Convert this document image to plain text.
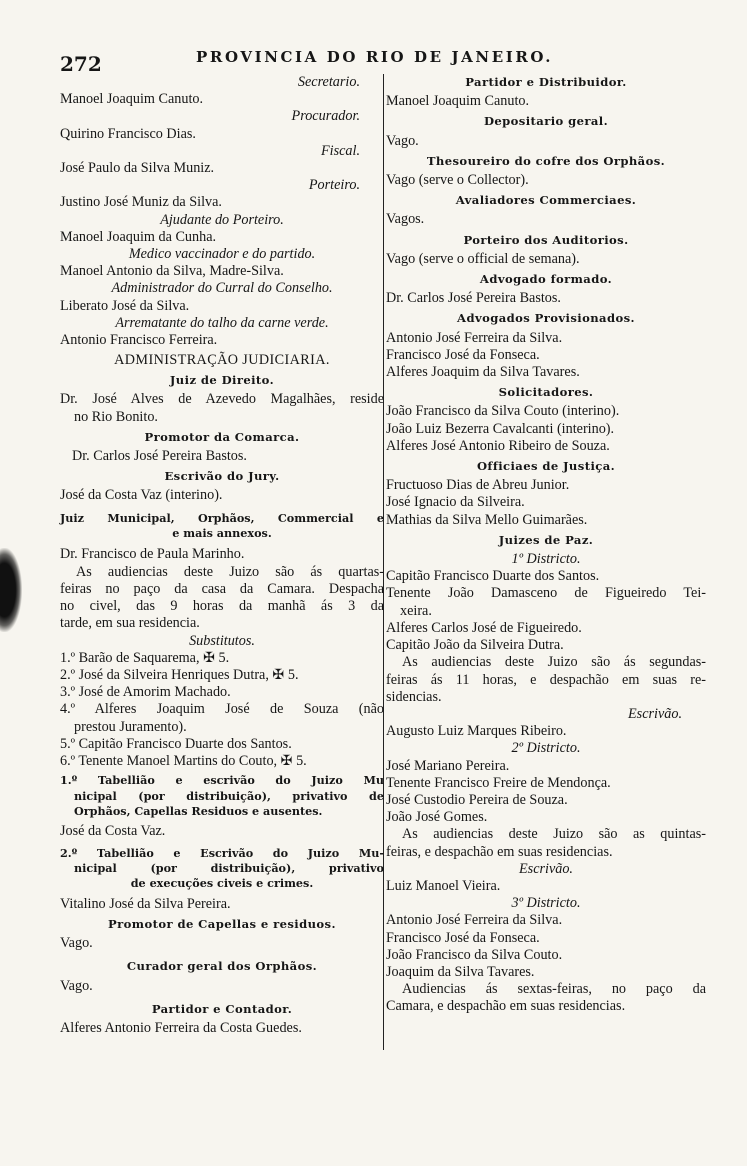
272	PROVINCIA DO RIO DE JANEIRO.
Secretario.
Manoel Joaquim Canuto.
Procurador.
Quirino Francisco Dias.
Fiscal.
José Paulo da Silva Muniz.
Porteiro.
Justino José Muniz da Silva.
Ajudante do Porteiro.
Manoel Joaquim da Cunha.
Medico vaccinador e do partido.
Manoel Antonio da Silva, Madre-Silva.
Administrador do Curral do Conselho.
Liberato José da Silva.
Arrematante do talho da carne verde.
Antonio Francisco Ferreira.
ADMINISTRAÇÃO JUDICIARIA.
Juiz de Direito.
Dr. José Alves de Azevedo Magalhães, reside
no Rio Bonito.
Promotor da Comarca.
Dr. Carlos José Pereira Bastos.
Escrivão do Jury.
José da Costa Vaz (interino).
Juiz Municipal, Orphãos, Commercial e
e mais annexos.
Dr. Francisco de Paula Marinho.
As audiencias deste Juizo são ás quartas-
feiras no paço da casa da Camara. Despacha
no civel, das 9 horas da manhã ás 3 da
tarde, em sua residencia.
Substitutos.
1.º Barão de Saquarema, ✠ 5.
2.º José da Silveira Henriques Dutra, ✠ 5.
3.º José de Amorim Machado.
4.º Alferes Joaquim José de Souza (não
prestou Juramento).
5.º Capitão Francisco Duarte dos Santos.
6.º Tenente Manoel Martins do Couto, ✠ 5.
1.º Tabellião e escrivão do Juizo Mu
nicipal (por distribuição), privativo de
Orphãos, Capellas Residuos e ausentes.
José da Costa Vaz.
2.º Tabellião e Escrivão do Juizo Mu-
nicipal (por distribuição), privativo
de execuções civeis e crimes.
Vitalino José da Silva Pereira.
Promotor de Capellas e residuos.
Vago.
Curador geral dos Orphãos.
Vago.
Partidor e Contador.
Alferes Antonio Ferreira da Costa Guedes.
Partidor e Distribuidor.
Manoel Joaquim Canuto.
Depositario geral.
Vago.
Thesoureiro do cofre dos Orphãos.
Vago (serve o Collector).
Avaliadores Commerciaes.
Vagos.
Porteiro dos Auditorios.
Vago (serve o official de semana).
Advogado formado.
Dr. Carlos José Pereira Bastos.
Advogados Provisionados.
Antonio José Ferreira da Silva.
Francisco José da Fonseca.
Alferes Joaquim da Silva Tavares.
Solicitadores.
João Francisco da Silva Couto (interino).
João Luiz Bezerra Cavalcanti (interino).
Alferes José Antonio Ribeiro de Souza.
Officiaes de Justiça.
Fructuoso Dias de Abreu Junior.
José Ignacio da Silveira.
Mathias da Silva Mello Guimarães.
Juizes de Paz.
1º Districto.
Capitão Francisco Duarte dos Santos.
Tenente João Damasceno de Figueiredo Tei-
xeira.
Alferes Carlos José de Figueiredo.
Capitão João da Silveira Dutra.
As audiencias deste Juizo são ás segundas-
feiras ás 11 horas, e despachão em suas re-
sidencias.
Escrivão.
Augusto Luiz Marques Ribeiro.
2º Districto.
José Mariano Pereira.
Tenente Francisco Freire de Mendonça.
José Custodio Pereira de Souza.
João José Gomes.
As audiencias deste Juizo são as quintas-
feiras, e despachão em suas residencias.
Escrivão.
Luiz Manoel Vieira.
3º Districto.
Antonio José Ferreira da Silva.
Francisco José da Fonseca.
João Francisco da Silva Couto.
Joaquim da Silva Tavares.
Audiencias ás sextas-feiras, no paço da
Camara, e despachão em suas residencias.
